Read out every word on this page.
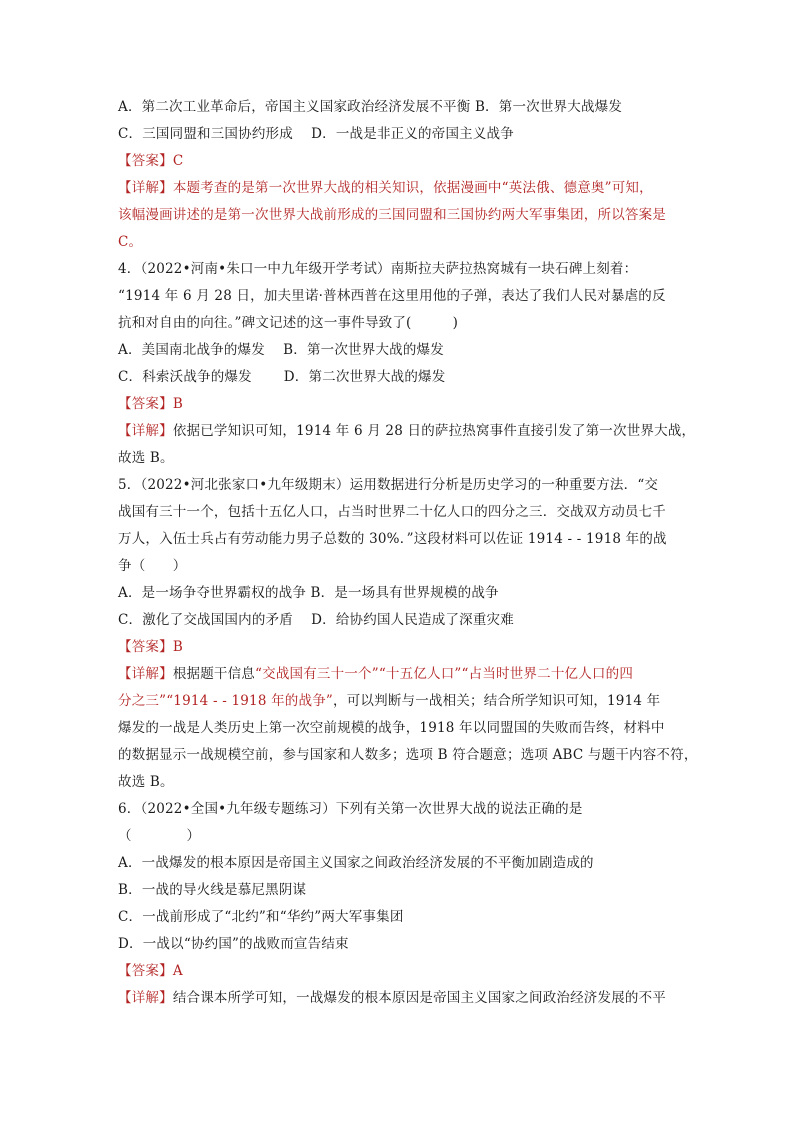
A．第二次工业革命后，帝国主义国家政治经济发展不平衡 B．第一次世界大战爆发
C．三国同盟和三国协约形成　 D．一战是非正义的帝国主义战争
【答案】C
【详解】本题考查的是第一次世界大战的相关知识，依据漫画中“英法俄、德意奥”可知，
该幅漫画讲述的是第一次世界大战前形成的三国同盟和三国协约两大军事集团，所以答案是
C。
4．（2022•河南•朱口一中九年级开学考试）南斯拉夫萨拉热窝城有一块石碑上刻着：
“1914 年 6 月 28 日，加夫里诺·普林西普在这里用他的子弹，表达了我们人民对暴虐的反
抗和对自由的向往。”碑文记述的这一事件导致了(　　　)
A．美国南北战争的爆发　 B．第一次世界大战的爆发
C．科索沃战争的爆发　　 D．第二次世界大战的爆发
【答案】B
【详解】依据已学知识可知，1914 年 6 月 28 日的萨拉热窝事件直接引发了第一次世界大战，
故选 B。
5．（2022•河北张家口•九年级期末）运用数据进行分析是历史学习的一种重要方法．“交
战国有三十一个，包括十五亿人口，占当时世界二十亿人口的四分之三．交战双方动员七千
万人，入伍士兵占有劳动能力男子总数的 30%．”这段材料可以佐证 1914 - - 1918 年的战
争（　　）
A．是一场争夺世界霸权的战争 B．是一场具有世界规模的战争
C．激化了交战国国内的矛盾　 D．给协约国人民造成了深重灾难
【答案】B
【详解】根据题干信息“交战国有三十一个”“十五亿人口”“占当时世界二十亿人口的四
分之三”“1914 - - 1918 年的战争”，可以判断与一战相关；结合所学知识可知，1914 年
爆发的一战是人类历史上第一次空前规模的战争，1918 年以同盟国的失败而告终，材料中
的数据显示一战规模空前，参与国家和人数多；选项 B 符合题意；选项 ABC 与题干内容不符，
故选 B。
6．（2022•全国•九年级专题练习）下列有关第一次世界大战的说法正确的是
（　　　　）
A．一战爆发的根本原因是帝国主义国家之间政治经济发展的不平衡加剧造成的
B．一战的导火线是慕尼黑阴谋
C．一战前形成了“北约”和“华约”两大军事集团
D．一战以“协约国”的战败而宣告结束
【答案】A
【详解】结合课本所学可知，一战爆发的根本原因是帝国主义国家之间政治经济发展的不平
